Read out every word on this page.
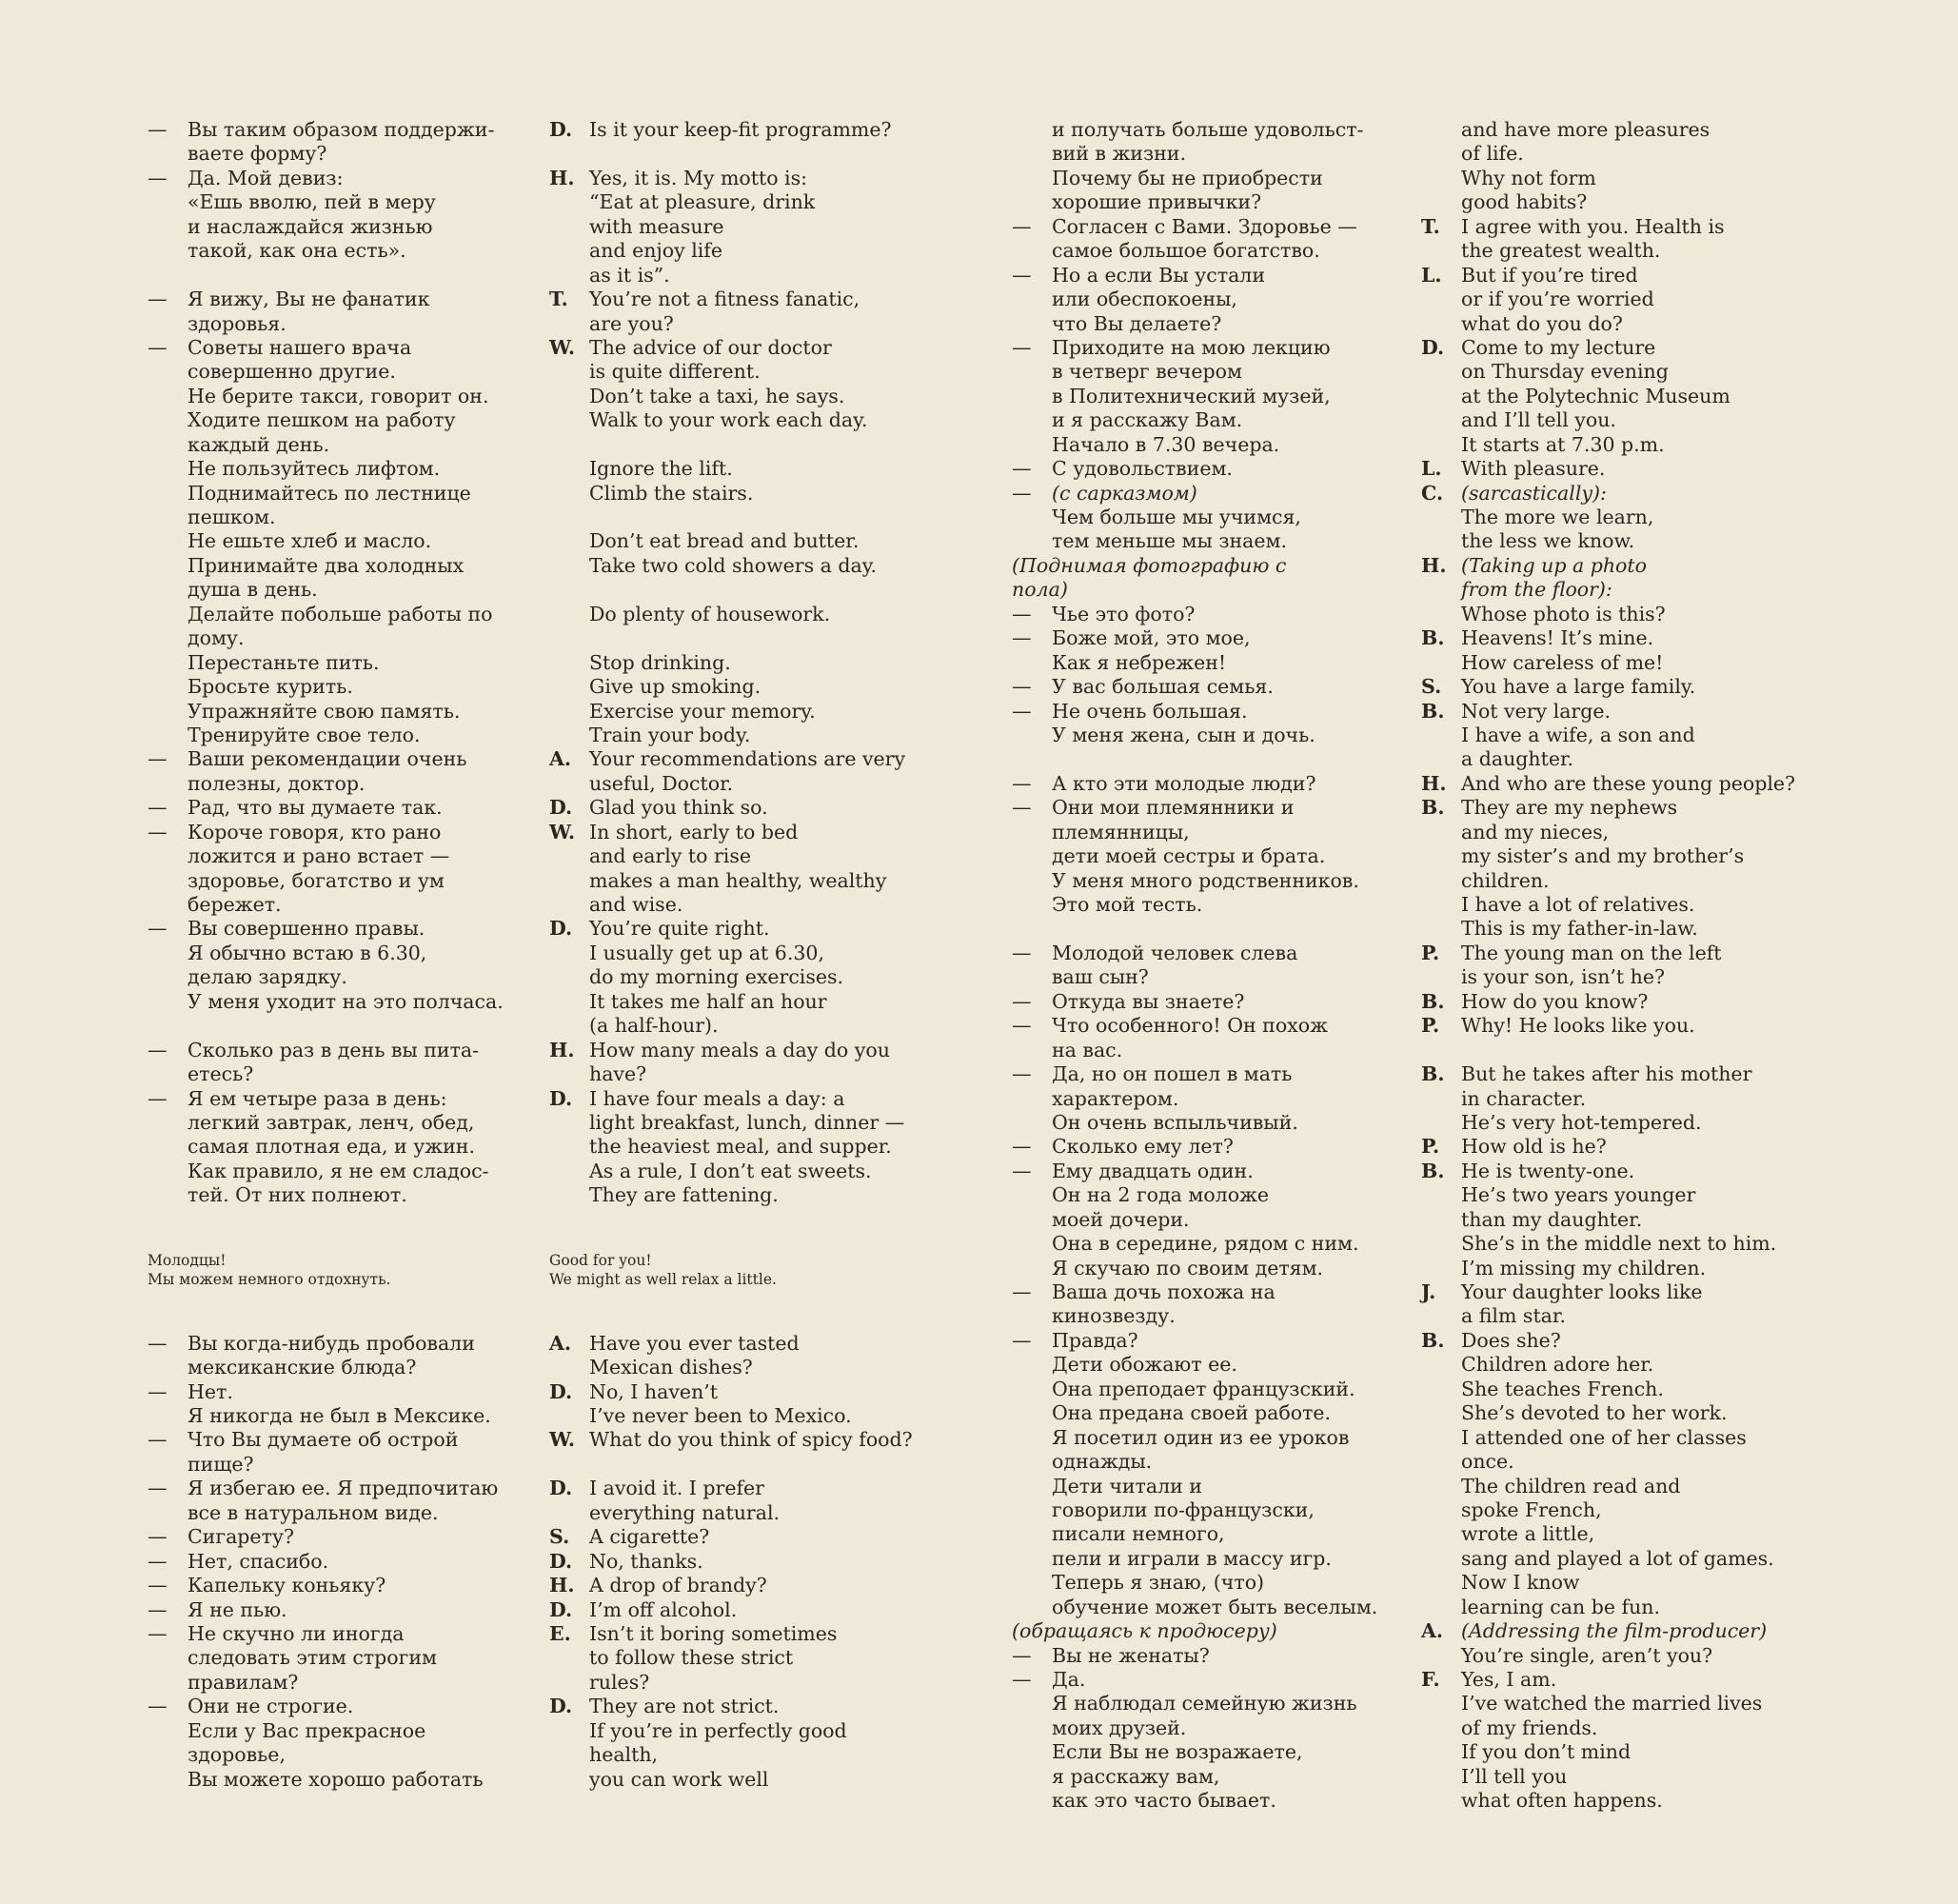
— Вы таким образом поддержи-
ваете форму?
— Да. Мой девиз:
«Ешь вволю, пей в меру
и наслаждайся жизнью
такой, как она есть».
— Я вижу, Вы не фанатик
здоровья.
— Советы нашего врача
совершенно другие.
Не берите такси, говорит он.
Ходите пешком на работу
каждый день.
Не пользуйтесь лифтом.
Поднимайтесь по лестнице
пешком.
Не ешьте хлеб и масло.
Принимайте два холодных
душа в день.
Делайте побольше работы по
дому.
Перестаньте пить.
Бросьте курить.
Упражняйте свою память.
Тренируйте свое тело.
— Ваши рекомендации очень
полезны, доктор.
— Рад, что вы думаете так.
— Короче говоря, кто рано
ложится и рано встает —
здоровье, богатство и ум
бережет.
— Вы совершенно правы.
Я обычно встаю в 6.30,
делаю зарядку.
У меня уходит на это полчаса.
— Сколько раз в день вы пита-
етесь?
— Я ем четыре раза в день:
легкий завтрак, ленч, обед,
самая плотная еда, и ужин.
Как правило, я не ем сладос-
тей. От них полнеют.
Молодцы!
Мы можем немного отдохнуть.
— Вы когда-нибудь пробовали
мексиканские блюда?
— Нет.
Я никогда не был в Мексике.
— Что Вы думаете об острой
пище?
— Я избегаю ее. Я предпочитаю
все в натуральном виде.
— Сигарету?
— Нет, спасибо.
— Капельку коньяку?
— Я не пью.
— Не скучно ли иногда
следовать этим строгим
правилам?
— Они не строгие.
Если у Вас прекрасное
здоровье,
Вы можете хорошо работать
D. Is it your keep-fit programme?
H. Yes, it is. My motto is:
“Eat at pleasure, drink
with measure
and enjoy life
as it is”.
T. You’re not a fitness fanatic,
are you?
W. The advice of our doctor
is quite different.
Don’t take a taxi, he says.
Walk to your work each day.
Ignore the lift.
Climb the stairs.
Don’t eat bread and butter.
Take two cold showers a day.
Do plenty of housework.
Stop drinking.
Give up smoking.
Exercise your memory.
Train your body.
A. Your recommendations are very
useful, Doctor.
D. Glad you think so.
W. In short, early to bed
and early to rise
makes a man healthy, wealthy
and wise.
D. You’re quite right.
I usually get up at 6.30,
do my morning exercises.
It takes me half an hour
(a half-hour).
H. How many meals a day do you
have?
D. I have four meals a day: a
light breakfast, lunch, dinner —
the heaviest meal, and supper.
As a rule, I don’t eat sweets.
They are fattening.
Good for you!
We might as well relax a little.
A. Have you ever tasted
Mexican dishes?
D. No, I haven’t
I’ve never been to Mexico.
W. What do you think of spicy food?
D. I avoid it. I prefer
everything natural.
S. A cigarette?
D. No, thanks.
H. A drop of brandy?
D. I’m off alcohol.
E. Isn’t it boring sometimes
to follow these strict
rules?
D. They are not strict.
If you’re in perfectly good
health,
you can work well
и получать больше удовольст-
вий в жизни.
Почему бы не приобрести
хорошие привычки?
— Согласен с Вами. Здоровье —
самое большое богатство.
— Но а если Вы устали
или обеспокоены,
что Вы делаете?
— Приходите на мою лекцию
в четверг вечером
в Политехнический музей,
и я расскажу Вам.
Начало в 7.30 вечера.
— С удовольствием.
— (с сарказмом)
Чем больше мы учимся,
тем меньше мы знаем.
(Поднимая фотографию с
пола)
— Чье это фото?
— Боже мой, это мое,
Как я небрежен!
— У вас большая семья.
— Не очень большая.
У меня жена, сын и дочь.
— А кто эти молодые люди?
— Они мои племянники и
племянницы,
дети моей сестры и брата.
У меня много родственников.
Это мой тесть.
— Молодой человек слева
ваш сын?
— Откуда вы знаете?
— Что особенного! Он похож
на вас.
— Да, но он пошел в мать
характером.
Он очень вспыльчивый.
— Сколько ему лет?
— Ему двадцать один.
Он на 2 года моложе
моей дочери.
Она в середине, рядом с ним.
Я скучаю по своим детям.
— Ваша дочь похожа на
кинозвезду.
— Правда?
Дети обожают ее.
Она преподает французский.
Она предана своей работе.
Я посетил один из ее уроков
однажды.
Дети читали и
говорили по-французски,
писали немного,
пели и играли в массу игр.
Теперь я знаю, (что)
обучение может быть веселым.
(обращаясь к продюсеру)
— Вы не женаты?
— Да.
Я наблюдал семейную жизнь
моих друзей.
Если Вы не возражаете,
я расскажу вам,
как это часто бывает.
and have more pleasures
of life.
Why not form
good habits?
T. I agree with you. Health is
the greatest wealth.
L. But if you’re tired
or if you’re worried
what do you do?
D. Come to my lecture
on Thursday evening
at the Polytechnic Museum
and I’ll tell you.
It starts at 7.30 p.m.
L. With pleasure.
C. (sarcastically):
The more we learn,
the less we know.
H. (Taking up a photo
from the floor):
Whose photo is this?
B. Heavens! It’s mine.
How careless of me!
S. You have a large family.
B. Not very large.
I have a wife, a son and
a daughter.
H. And who are these young people?
B. They are my nephews
and my nieces,
my sister’s and my brother’s
children.
I have a lot of relatives.
This is my father-in-law.
P. The young man on the left
is your son, isn’t he?
B. How do you know?
P. Why! He looks like you.
B. But he takes after his mother
in character.
He’s very hot-tempered.
P. How old is he?
B. He is twenty-one.
He’s two years younger
than my daughter.
She’s in the middle next to him.
I’m missing my children.
J. Your daughter looks like
a film star.
B. Does she?
Children adore her.
She teaches French.
She’s devoted to her work.
I attended one of her classes
once.
The children read and
spoke French,
wrote a little,
sang and played a lot of games.
Now I know
learning can be fun.
A. (Addressing the film-producer)
You’re single, aren’t you?
F. Yes, I am.
I’ve watched the married lives
of my friends.
If you don’t mind
I’ll tell you
what often happens.
